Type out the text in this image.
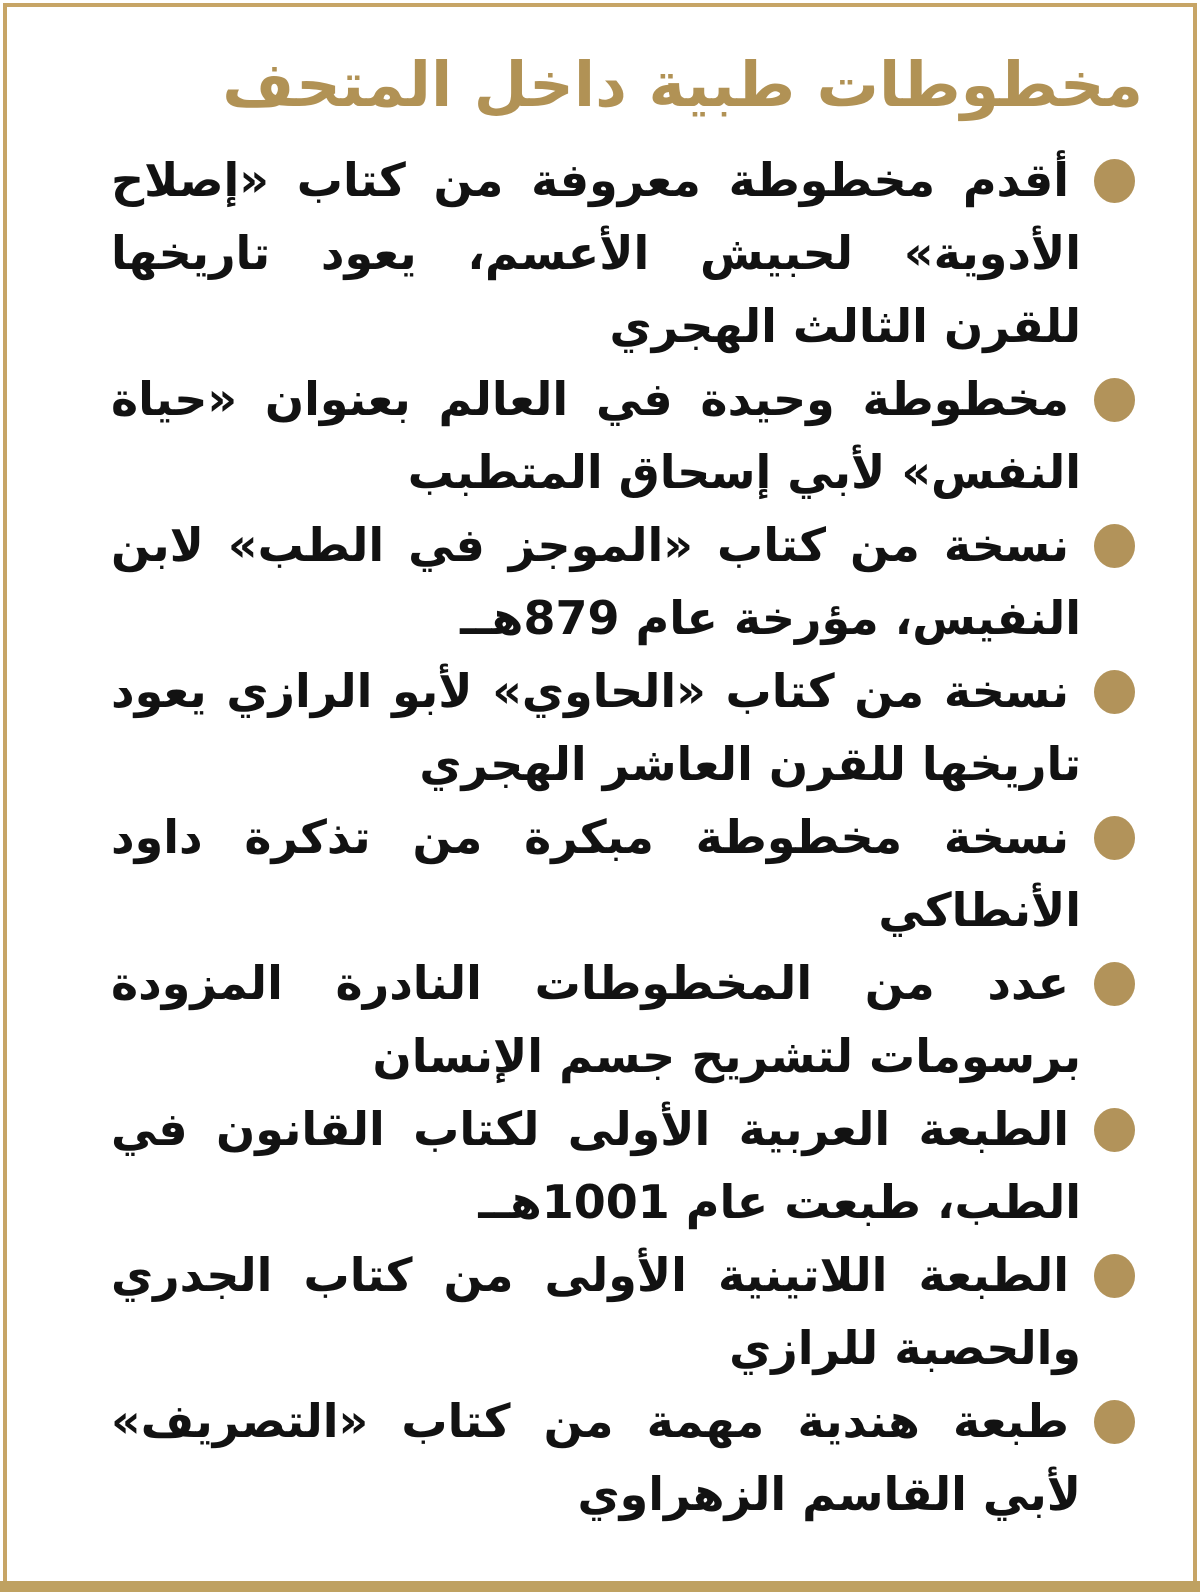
مخطوطات طبية داخل المتحف
أقدم مخطوطة معروفة من كتاب «إصلاح الأدوية» لحبيش الأعسم، يعود تاريخها للقرن الثالث الهجري
مخطوطة وحيدة في العالم بعنوان «حياة النفس» لأبي إسحاق المتطبب
نسخة من كتاب «الموجز في الطب» لابن النفيس، مؤرخة عام 879هــ
نسخة من كتاب «الحاوي» لأبو الرازي يعود تاريخها للقرن العاشر الهجري
نسخة مخطوطة مبكرة من تذكرة داود الأنطاكي
عدد من المخطوطات النادرة المزودة برسومات لتشريح جسم الإنسان
الطبعة العربية الأولى لكتاب القانون في الطب، طبعت عام 1001هــ
الطبعة اللاتينية الأولى من كتاب الجدري والحصبة للرازي
طبعة هندية مهمة من كتاب «التصريف» لأبي القاسم الزهراوي
